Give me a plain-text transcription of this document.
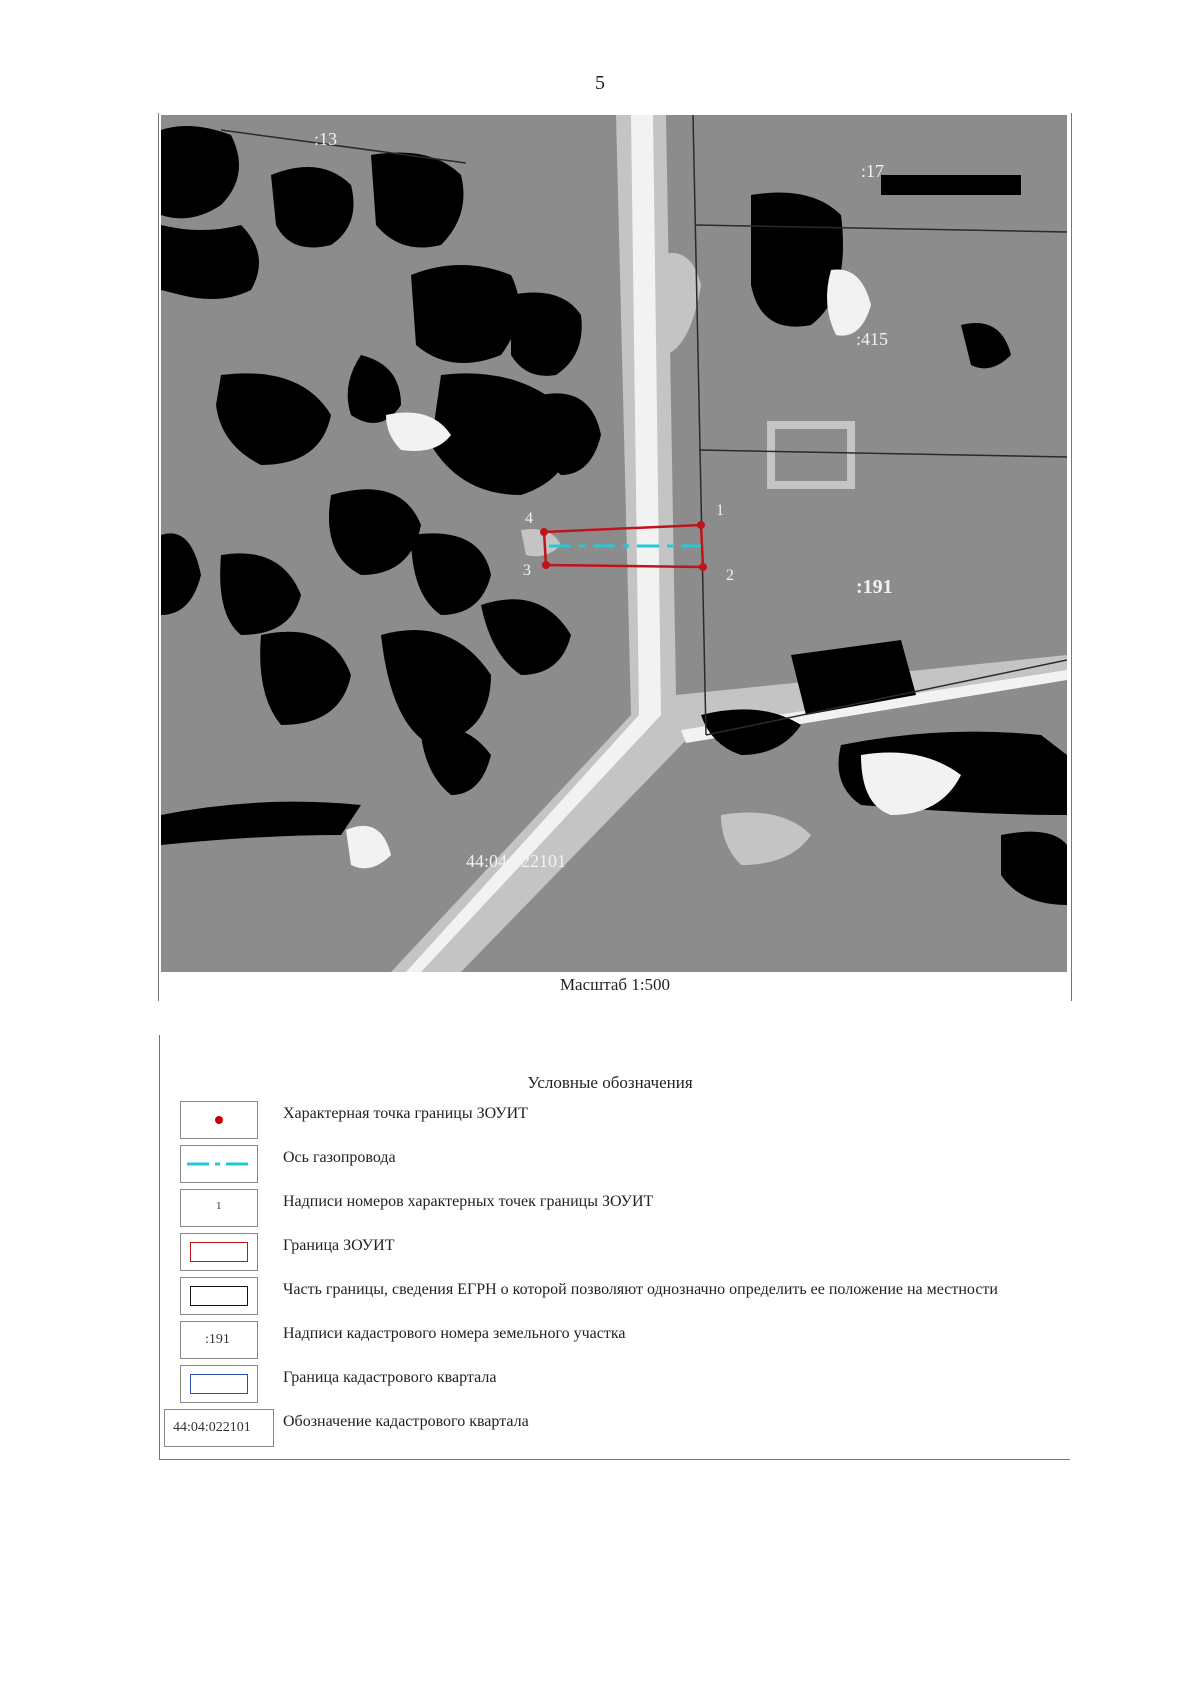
5
1
2
3
4
:13
:17
:415
:191
44:04:022101
Масштаб 1:500
Условные обозначения
Характерная точка границы ЗОУИТ
Ось газопровода
1	Надписи номеров характерных точек границы ЗОУИТ
Граница ЗОУИТ
Часть границы, сведения ЕГРН о которой позволяют однозначно определить ее положение на местности
:191	Надписи кадастрового номера земельного участка
Граница кадастрового квартала
44:04:022101 Обозначение кадастрового квартала
